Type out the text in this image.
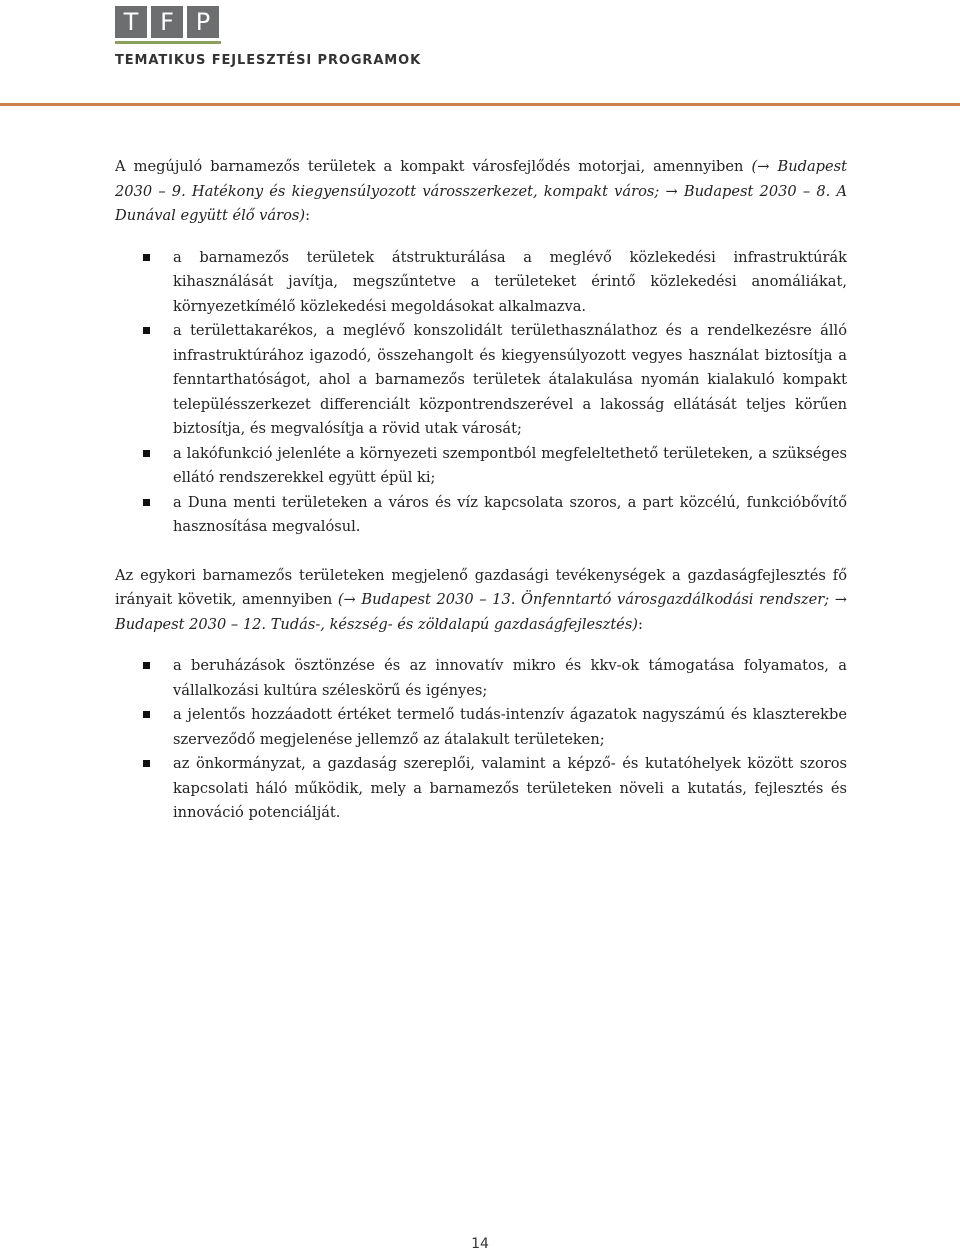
T F P
TEMATIKUS FEJLESZTÉSI PROGRAMOK

A megújuló barnamezős területek a kompakt városfejlődés motorjai, amennyiben (→ Budapest 2030 – 9. Hatékony és kiegyensúlyozott városszerkezet, kompakt város; → Budapest 2030 – 8. A Dunával együtt élő város):

a barnamezős területek átstrukturálása a meglévő közlekedési infrastruktúrák kihasználását javítja, megszűntetve a területeket érintő közlekedési anomáliákat, környezetkímélő közlekedési megoldásokat alkalmazva.
a területtakarékos, a meglévő konszolidált területhasználathoz és a rendelkezésre álló infrastruktúrához igazodó, összehangolt és kiegyensúlyozott vegyes használat biztosítja a fenntarthatóságot, ahol a barnamezős területek átalakulása nyomán kialakuló kompakt településszerkezet differenciált központrendszerével a lakosság ellátását teljes körűen biztosítja, és megvalósítja a rövid utak városát;
a lakófunkció jelenléte a környezeti szempontból megfeleltethető területeken, a szükséges ellátó rendszerekkel együtt épül ki;
a Duna menti területeken a város és víz kapcsolata szoros, a part közcélú, funkcióbővítő hasznosítása megvalósul.

Az egykori barnamezős területeken megjelenő gazdasági tevékenységek a gazdaságfejlesztés fő irányait követik, amennyiben (→ Budapest 2030 – 13. Önfenntartó városgazdálkodási rendszer; → Budapest 2030 – 12. Tudás-, készség- és zöldalapú gazdaságfejlesztés):

a beruházások ösztönzése és az innovatív mikro és kkv-ok támogatása folyamatos, a vállalkozási kultúra széleskörű és igényes;
a jelentős hozzáadott értéket termelő tudás-intenzív ágazatok nagyszámú és klaszterekbe szerveződő megjelenése jellemző az átalakult területeken;
az önkormányzat, a gazdaság szereplői, valamint a képző- és kutatóhelyek között szoros kapcsolati háló működik, mely a barnamezős területeken növeli a kutatás, fejlesztés és innováció potenciálját.
14
